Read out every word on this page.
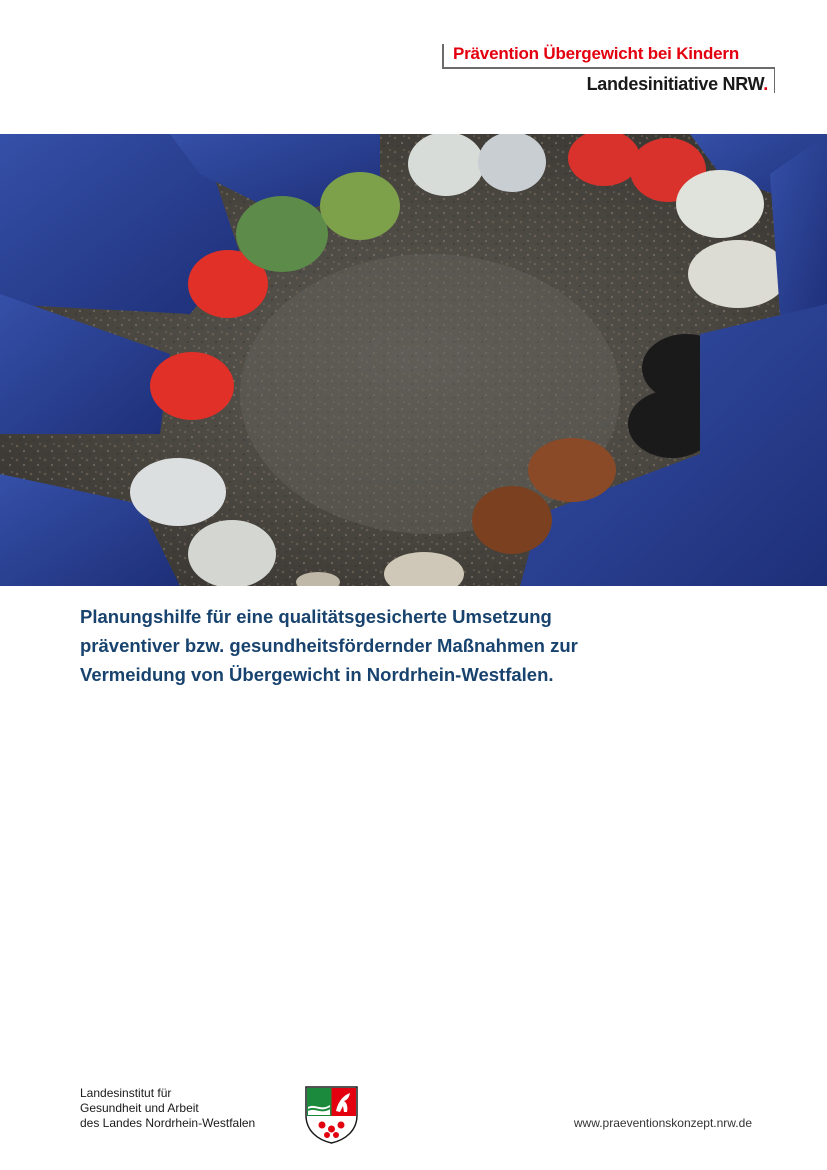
Prävention Übergewicht bei Kindern
Landesinitiative NRW.
Planungshilfe für eine qualitätsgesicherte Umsetzung
präventiver bzw. gesundheitsfördernder Maßnahmen zur
Vermeidung von Übergewicht in Nordrhein-Westfalen.
Landesinstitut für
Gesundheit und Arbeit
des Landes Nordrhein-Westfalen	www.praeventionskonzept.nrw.de
